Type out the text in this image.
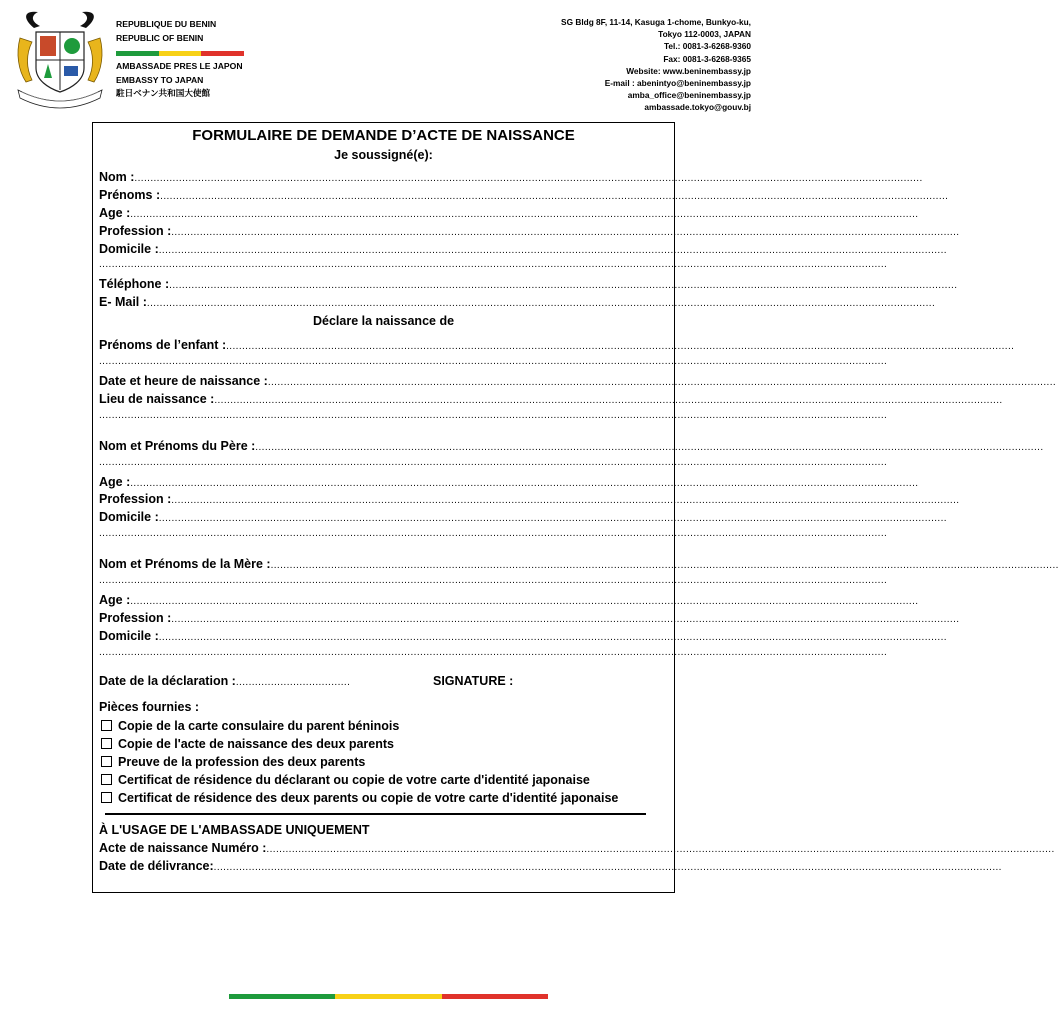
REPUBLIQUE DU BENIN
REPUBLIC OF BENIN
AMBASSADE PRES LE JAPON
EMBASSY TO JAPAN
駐日ベナン共和国大使館
SG Bldg 8F, 11-14, Kasuga 1-chome, Bunkyo-ku,
Tokyo 112-0003, JAPAN
Tel.: 0081-3-6268-9360
Fax: 0081-3-6268-9365
Website: www.beninembassy.jp
E-mail : abenintyo@beninembassy.jp
amba_office@beninembassy.jp
ambassade.tokyo@gouv.bj
FORMULAIRE DE DEMANDE D’ACTE DE NAISSANCE
Je soussigné(e):
Nom : ........................................................................................................................................................................................................................................................
Prénoms : ........................................................................................................................................................................................................................................................
Age : ........................................................................................................................................................................................................................................................
Profession : ........................................................................................................................................................................................................................................................
Domicile : ........................................................................................................................................................................................................................................................
........................................................................................................................................................................................................................................................
Téléphone : ........................................................................................................................................................................................................................................................
E- Mail : ........................................................................................................................................................................................................................................................
Déclare la naissance de
Prénoms de l’enfant : ........................................................................................................................................................................................................................................................
........................................................................................................................................................................................................................................................
Date et heure de naissance : ........................................................................................................................................................................................................................................................
Lieu de naissance : ........................................................................................................................................................................................................................................................
........................................................................................................................................................................................................................................................
Nom et Prénoms du Père : ........................................................................................................................................................................................................................................................
........................................................................................................................................................................................................................................................
Age : ........................................................................................................................................................................................................................................................
Profession : ........................................................................................................................................................................................................................................................
Domicile : ........................................................................................................................................................................................................................................................
........................................................................................................................................................................................................................................................
Nom et Prénoms de la Mère : ........................................................................................................................................................................................................................................................
........................................................................................................................................................................................................................................................
Age : ........................................................................................................................................................................................................................................................
Profession : ........................................................................................................................................................................................................................................................
Domicile : ........................................................................................................................................................................................................................................................
........................................................................................................................................................................................................................................................
Date de la déclaration : ....................................	SIGNATURE :
Pièces fournies :
Copie de la carte consulaire du parent béninois
Copie de l'acte de naissance des deux parents
Preuve de la profession des deux parents
Certificat de résidence du déclarant ou copie de votre carte d'identité japonaise
Certificat de résidence des deux parents ou copie de votre carte d'identité japonaise
À L'USAGE DE L'AMBASSADE UNIQUEMENT
Acte de naissance Numéro : ........................................................................................................................................................................................................................................................
Date de délivrance: ........................................................................................................................................................................................................................................................
